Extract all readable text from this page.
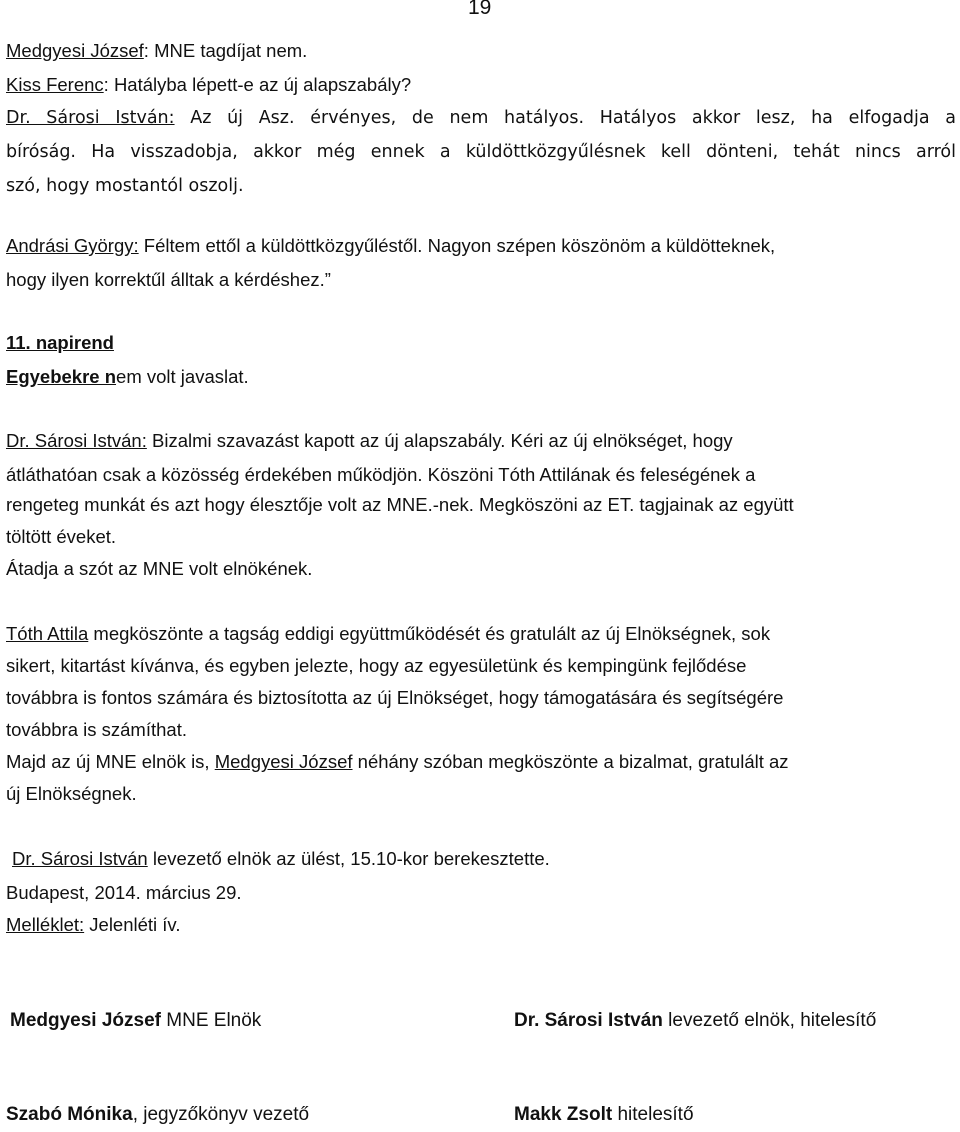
19
Medgyesi József: MNE tagdíjat nem.
Kiss Ferenc: Hatályba lépett-e az új alapszabály?
Dr. Sárosi István: Az új Asz. érvényes, de nem hatályos. Hatályos akkor lesz, ha elfogadja a
bíróság. Ha visszadobja, akkor még ennek a küldöttközgyűlésnek kell dönteni, tehát nincs arról
szó, hogy mostantól oszolj.
Andrási György: Féltem ettől a küldöttközgyűléstől. Nagyon szépen köszönöm a küldötteknek,
hogy ilyen korrektűl álltak a kérdéshez.”
11. napirend
Egyebekre nem volt javaslat.
Dr. Sárosi István: Bizalmi szavazást kapott az új alapszabály. Kéri az új elnökséget, hogy
átláthatóan csak a közösség érdekében működjön. Köszöni Tóth Attilának és feleségének a
rengeteg munkát és azt hogy élesztője volt az MNE.-nek. Megköszöni az ET. tagjainak az együtt
töltött éveket.
Átadja a szót az MNE volt elnökének.
Tóth Attila megköszönte a tagság eddigi együttműködését és gratulált az új Elnökségnek, sok
sikert, kitartást kívánva, és egyben jelezte, hogy az egyesületünk és kempingünk fejlődése
továbbra is fontos számára és biztosította az új Elnökséget, hogy támogatására és segítségére
továbbra is számíthat.
Majd az új MNE elnök is, Medgyesi József néhány szóban megköszönte a bizalmat, gratulált az
új Elnökségnek.
Dr. Sárosi István levezető elnök az ülést, 15.10-kor berekesztette.
Budapest, 2014. március 29.
Melléklet: Jelenléti ív.
Medgyesi József MNE Elnök	Dr. Sárosi István levezető elnök, hitelesítő
Szabó Mónika, jegyzőkönyv vezető	Makk Zsolt hitelesítő
